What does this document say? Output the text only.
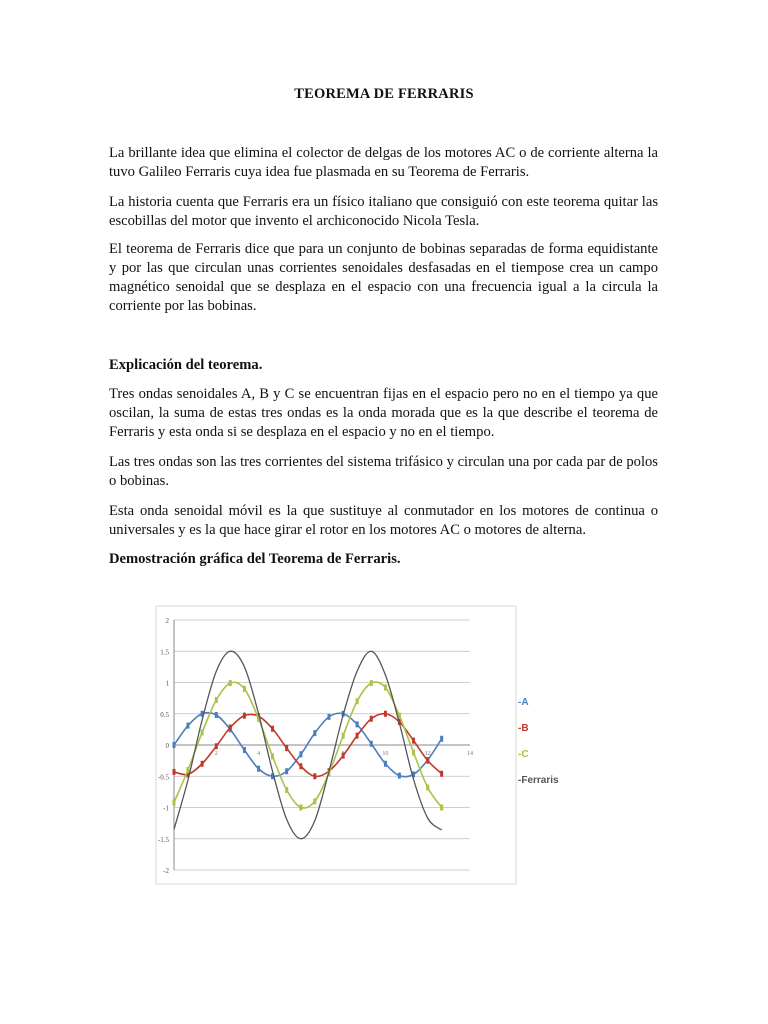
TEOREMA DE FERRARIS

La brillante idea que elimina el colector de delgas de los motores AC o de corriente alterna la tuvo Galileo Ferraris cuya idea fue plasmada en su Teorema de Ferraris.

La historia cuenta que Ferraris era un físico italiano que consiguió con este teorema quitar las escobillas del motor que invento el archiconocido Nicola Tesla.

El teorema de Ferraris dice que para un conjunto de bobinas separadas de forma equidistante y por las que circulan unas corrientes senoidales desfasadas en el tiempose crea un campo magnético senoidal que se desplaza en el espacio con una frecuencia igual a la circula la corriente por las bobinas.

Explicación del teorema.

Tres ondas senoidales A, B y C se encuentran fijas en el espacio pero no en el tiempo ya que oscilan, la suma de estas tres ondas es la onda morada que es la que describe el teorema de Ferraris y esta onda si se desplaza en el espacio y no en el tiempo.

Las tres ondas son las tres corrientes del sistema trifásico y circulan una por cada par de polos o bobinas.

Esta onda senoidal móvil es la que sustituye al conmutador en los motores de continua o universales y es la que hace girar el rotor en los motores AC o motores de alterna.

Demostración gráfica del Teorema de Ferraris.
2
1.5
1
0.5
0
-0.5
-1
-1.5
-2
2	4	10	12	14
-A
-B
-C
-Ferraris
